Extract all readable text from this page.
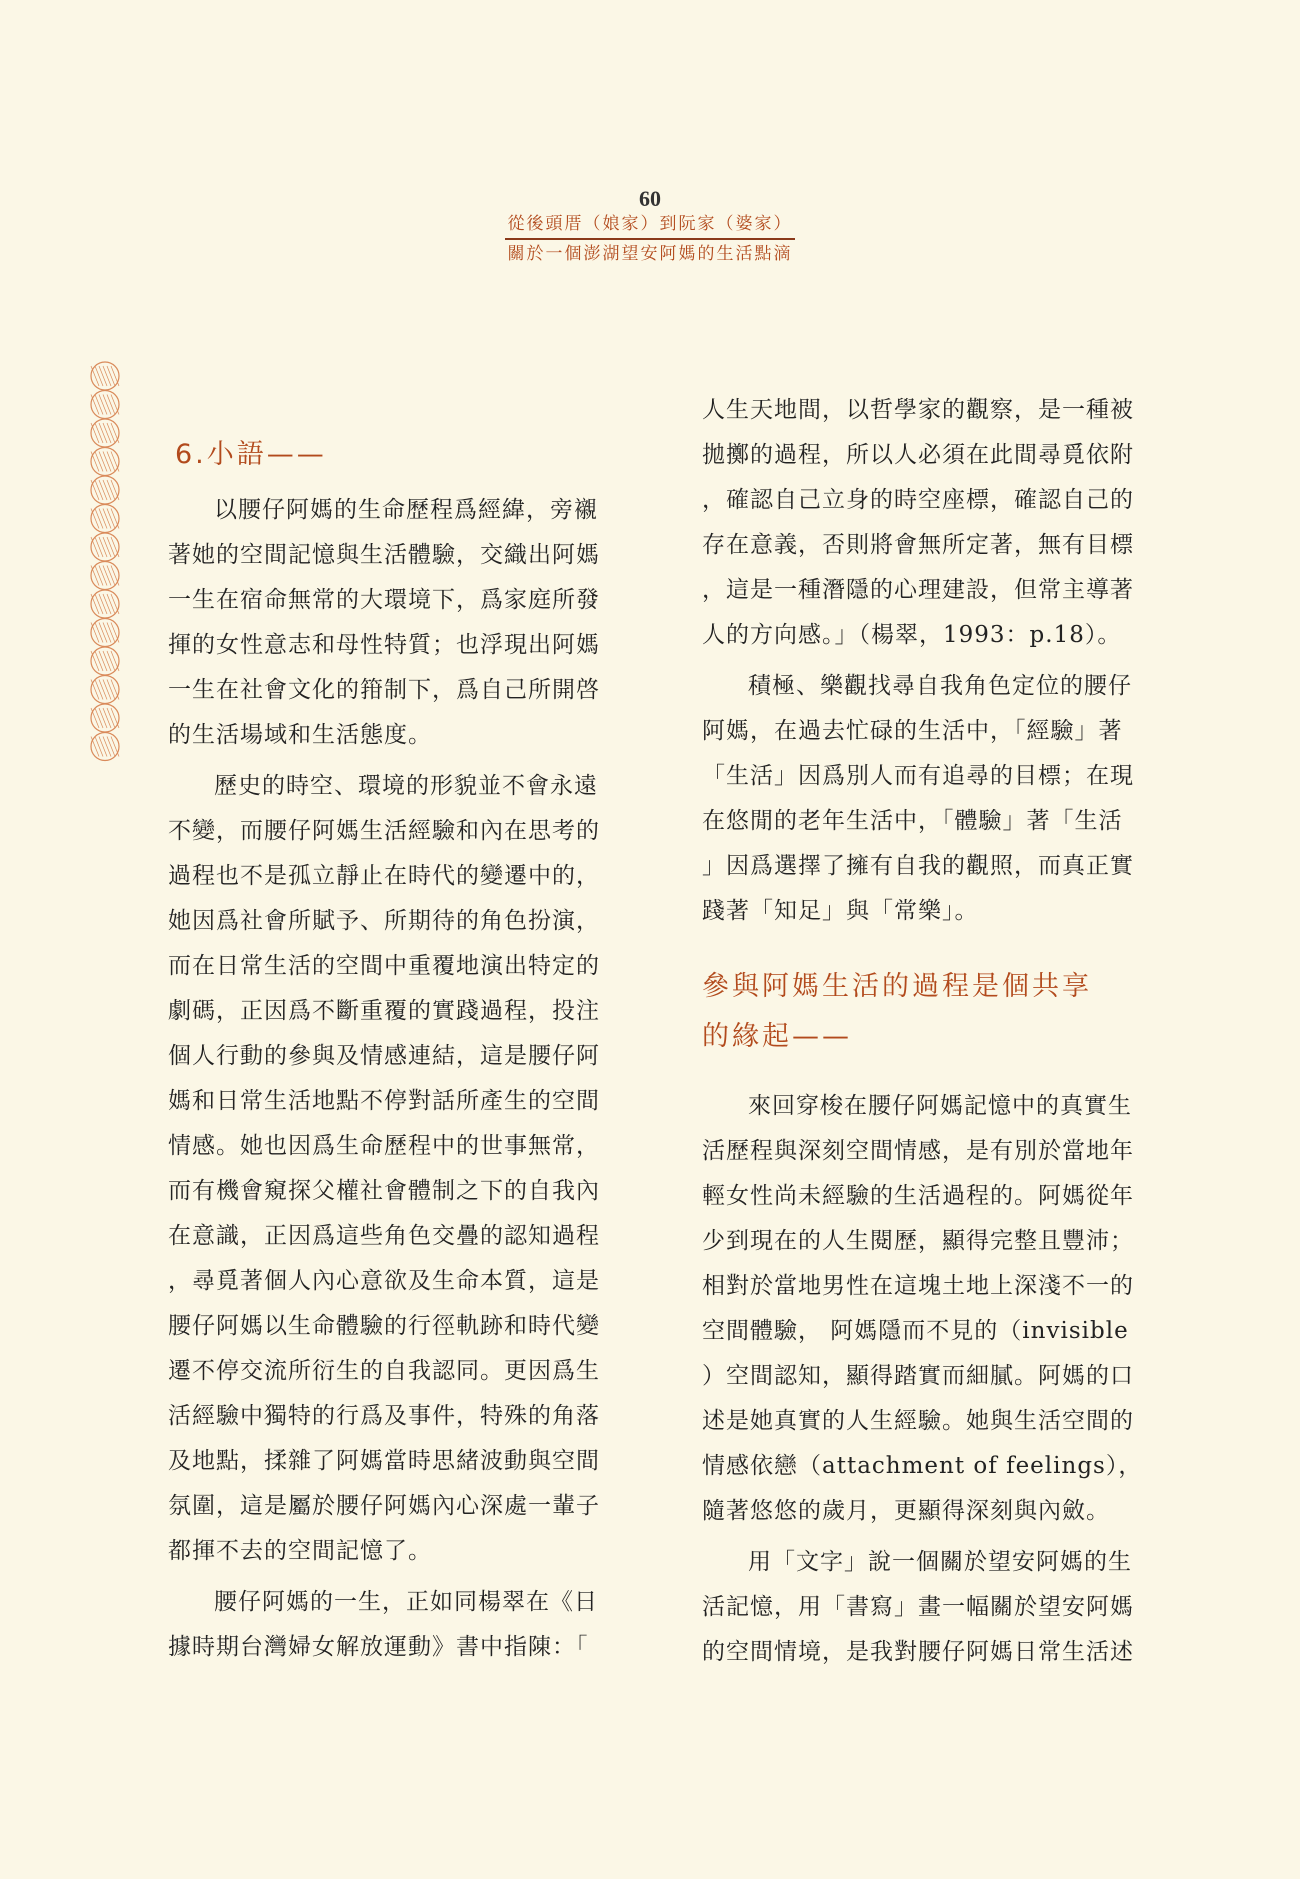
60
從後頭厝（娘家）到阮家（婆家）
關於一個澎湖望安阿媽的生活點滴
6.小語——
以腰仔阿媽的生命歷程爲經緯，旁襯
著她的空間記憶與生活體驗，交織出阿媽
一生在宿命無常的大環境下，爲家庭所發
揮的女性意志和母性特質；也浮現出阿媽
一生在社會文化的箝制下，爲自己所開啓
的生活場域和生活態度。
歷史的時空、環境的形貌並不會永遠
不變，而腰仔阿媽生活經驗和內在思考的
過程也不是孤立靜止在時代的變遷中的，
她因爲社會所賦予、所期待的角色扮演，
而在日常生活的空間中重覆地演出特定的
劇碼，正因爲不斷重覆的實踐過程，投注
個人行動的參與及情感連結，這是腰仔阿
媽和日常生活地點不停對話所產生的空間
情感。她也因爲生命歷程中的世事無常，
而有機會窺探父權社會體制之下的自我內
在意識，正因爲這些角色交疊的認知過程
，尋覓著個人內心意欲及生命本質，這是
腰仔阿媽以生命體驗的行徑軌跡和時代變
遷不停交流所衍生的自我認同。更因爲生
活經驗中獨特的行爲及事件，特殊的角落
及地點，揉雜了阿媽當時思緒波動與空間
氛圍，這是屬於腰仔阿媽內心深處一輩子
都揮不去的空間記憶了。
腰仔阿媽的一生，正如同楊翠在《日
據時期台灣婦女解放運動》書中指陳：「
人生天地間，以哲學家的觀察，是一種被
拋擲的過程，所以人必須在此間尋覓依附
，確認自己立身的時空座標，確認自己的
存在意義，否則將會無所定著，無有目標
，這是一種潛隱的心理建設，但常主導著
人的方向感。」（楊翠，1993：p.18）。
積極、樂觀找尋自我角色定位的腰仔
阿媽，在過去忙碌的生活中，「經驗」著
「生活」因爲別人而有追尋的目標；在現
在悠閒的老年生活中，「體驗」著「生活
」因爲選擇了擁有自我的觀照，而真正實
踐著「知足」與「常樂」。
參與阿媽生活的過程是個共享
的緣起——
來回穿梭在腰仔阿媽記憶中的真實生
活歷程與深刻空間情感，是有別於當地年
輕女性尚未經驗的生活過程的。阿媽從年
少到現在的人生閱歷，顯得完整且豐沛；
相對於當地男性在這塊土地上深淺不一的
空間體驗， 阿媽隱而不見的（invisible
）空間認知，顯得踏實而細膩。阿媽的口
述是她真實的人生經驗。她與生活空間的
情感依戀（attachment of feelings），
隨著悠悠的歲月，更顯得深刻與內斂。
用「文字」說一個關於望安阿媽的生
活記憶，用「書寫」畫一幅關於望安阿媽
的空間情境，是我對腰仔阿媽日常生活述
